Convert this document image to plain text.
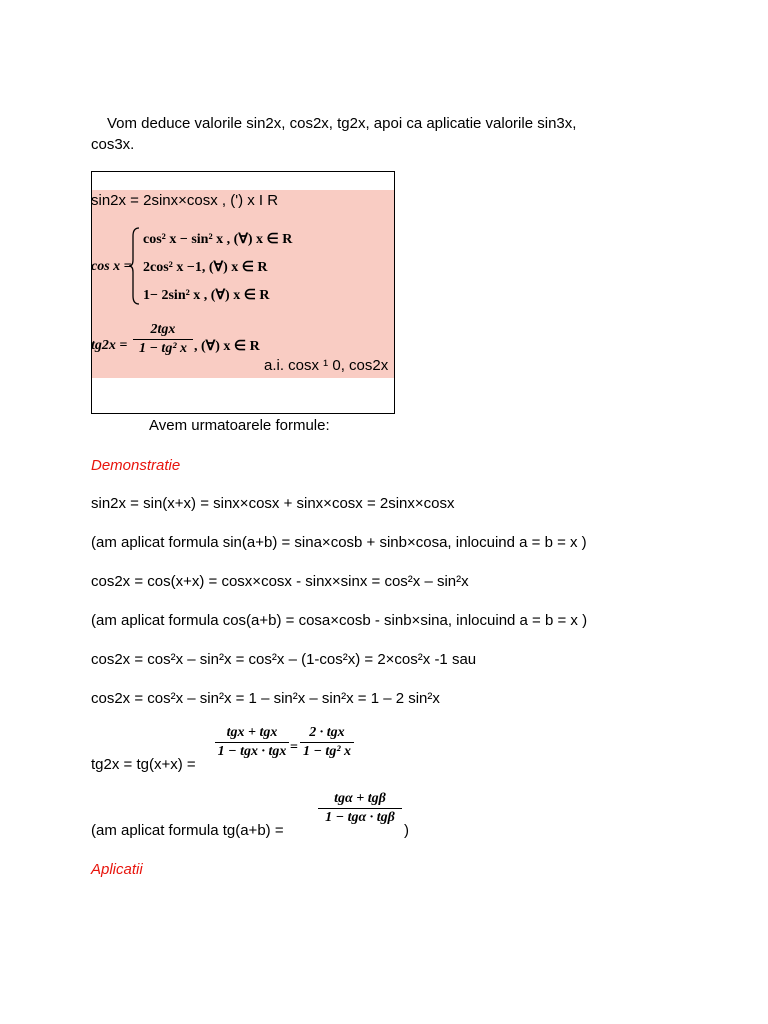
Vom deduce valorile sin2x, cos2x, tg2x, apoi ca aplicatie valorile sin3x,
cos3x.
sin2x = 2sinx×cosx , (') x Ι R
cos x =
cos² x − sin² x , (∀) x ∈ R
2cos² x −1, (∀) x ∈ R
1− 2sin² x , (∀) x ∈ R
tg2x =
2tgx
1 − tg² x , (∀) x ∈ R
a.i. cosx ¹ 0, cos2x
Avem urmatoarele formule:
Demonstratie
sin2x = sin(x+x) = sinx×cosx + sinx×cosx = 2sinx×cosx
(am aplicat formula sin(a+b) = sina×cosb + sinb×cosa, inlocuind a = b = x )
cos2x = cos(x+x) = cosx×cosx - sinx×sinx = cos²x – sin²x
(am aplicat formula cos(a+b) = cosa×cosb - sinb×sina, inlocuind a = b = x )
cos2x = cos²x – sin²x = cos²x – (1-cos²x) = 2×cos²x -1 sau
cos2x = cos²x – sin²x = 1 – sin²x – sin²x = 1 – 2 sin²x
tg2x = tg(x+x) =
tgx + tgx
1 − tgx · tgx =
2 · tgx
1 − tg² x
(am aplicat formula tg(a+b) =
tgα + tgβ
1 − tgα · tgβ
)
Aplicatii
